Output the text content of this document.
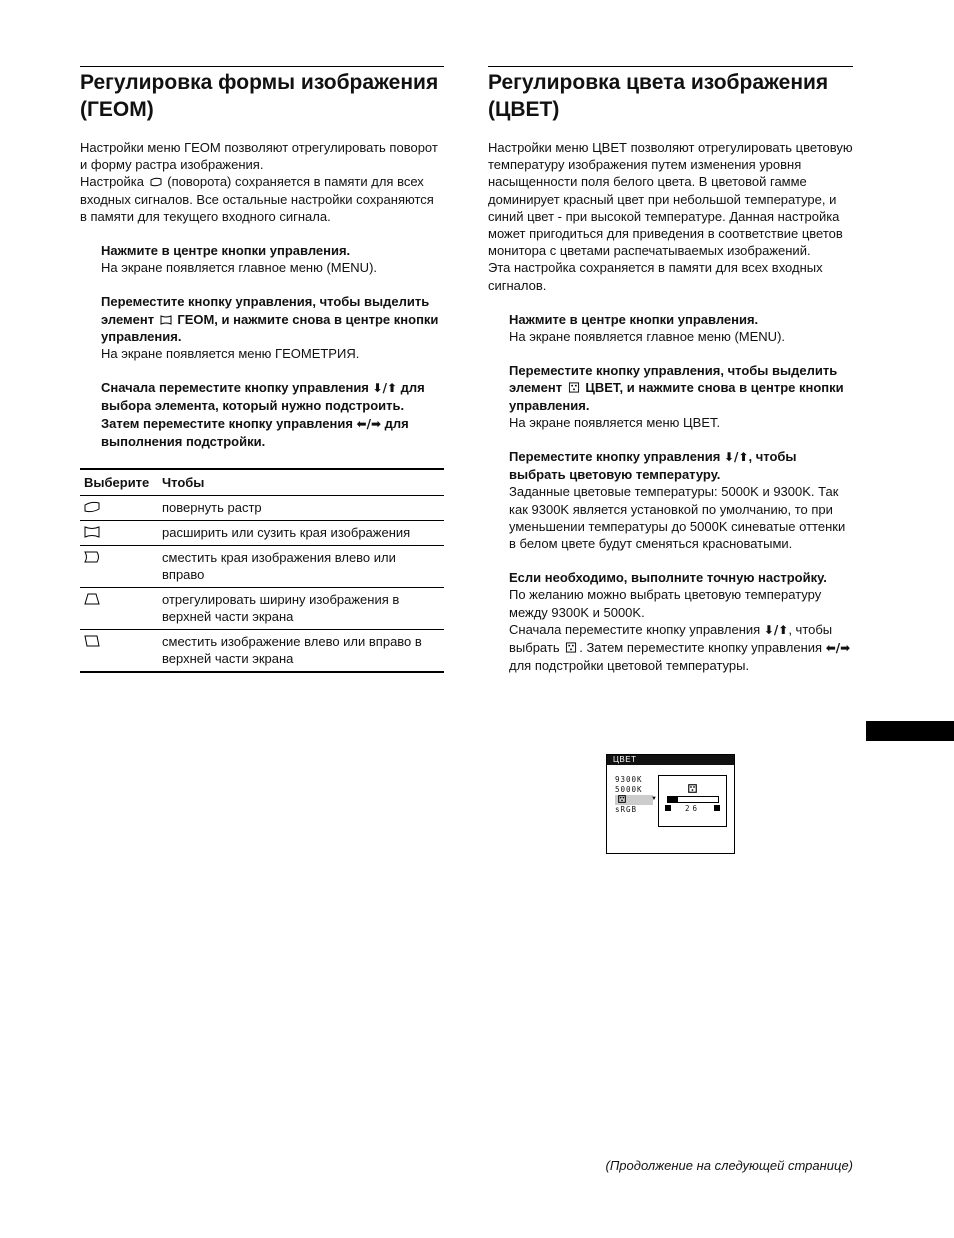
Регулировка формы изображения (ГЕОМ)

Настройки меню ГЕОМ позволяют отрегулировать поворот и форму растра изображения.

Настройка (поворота) сохраняется в памяти для всех входных сигналов. Все остальные настройки сохраняются в памяти для текущего входного сигнала.

Нажмите в центре кнопки управления.

На экране появляется главное меню (MENU).

Переместите кнопку управления, чтобы выделить элемент ГЕОМ, и нажмите снова в центре кнопки управления.

На экране появляется меню ГЕОМЕТРИЯ.

Сначала переместите кнопку управления ⬇/⬆ для выбора элемента, который нужно подстроить. Затем переместите кнопку управления ⬅/➡ для выполнения подстройки.

Выберите	Чтобы
	повернуть растр
	расширить или сузить края изображения
	сместить края изображения влево или вправо
	отрегулировать ширину изображения в верхней части экрана
	сместить изображение влево или вправо в верхней части экрана
Регулировка цвета изображения (ЦВЕТ)

Настройки меню ЦВЕТ позволяют отрегулировать цветовую температуру изображения путем изменения уровня насыщенности поля белого цвета. В цветовой гамме доминирует красный цвет при небольшой температуре, и синий цвет - при высокой температуре. Данная настройка может пригодиться для приведения в соответствие цветов монитора с цветами распечатываемых изображений.

Эта настройка сохраняется в памяти для всех входных сигналов.

Нажмите в центре кнопки управления.

На экране появляется главное меню (MENU).

Переместите кнопку управления, чтобы выделить элемент ЦВЕТ, и нажмите снова в центре кнопки управления.

На экране появляется меню ЦВЕТ.

Переместите кнопку управления ⬇/⬆, чтобы выбрать цветовую температуру.

Заданные цветовые температуры: 5000K и 9300K. Так как 9300K является установкой по умолчанию, то при уменьшении температуры до 5000K синеватые оттенки в белом цвете будут сменяться красноватыми.

Если необходимо, выполните точную настройку.

По желанию можно выбрать цветовую температуру между 9300K и 5000K.

Сначала переместите кнопку управления ⬇/⬆, чтобы выбрать . Затем переместите кнопку управления ⬅/➡ для подстройки цветовой температуры.

ЦВЕТ
9300K
5000K
sRGB
▼
26
(Продолжение на следующей странице)
